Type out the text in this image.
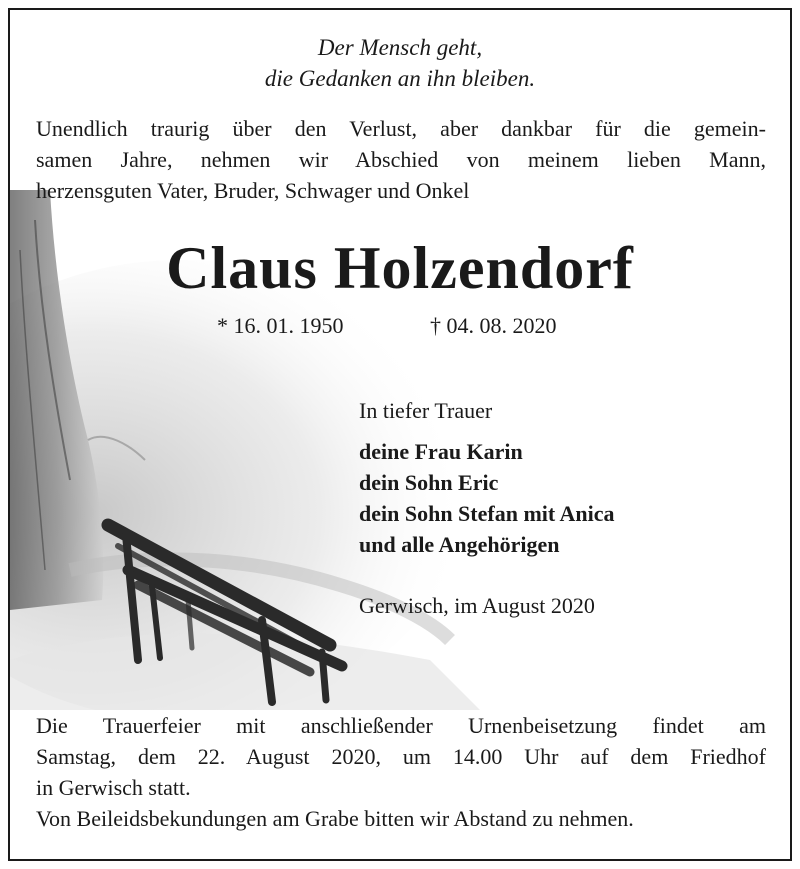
Der Mensch geht,
die Gedanken an ihn bleiben.
Unendlich traurig über den Verlust, aber dankbar für die gemein-
samen Jahre, nehmen wir Abschied von meinem lieben Mann,
herzensguten Vater, Bruder, Schwager und Onkel
Claus Holzendorf
* 16. 01. 1950	† 04. 08. 2020
In tiefer Trauer
deine Frau Karin
dein Sohn Eric
dein Sohn Stefan mit Anica
und alle Angehörigen
Gerwisch, im August 2020
Die Trauerfeier mit anschließender Urnenbeisetzung findet am
Samstag, dem 22. August 2020, um 14.00 Uhr auf dem Friedhof
in Gerwisch statt.
Von Beileidsbekundungen am Grabe bitten wir Abstand zu nehmen.
